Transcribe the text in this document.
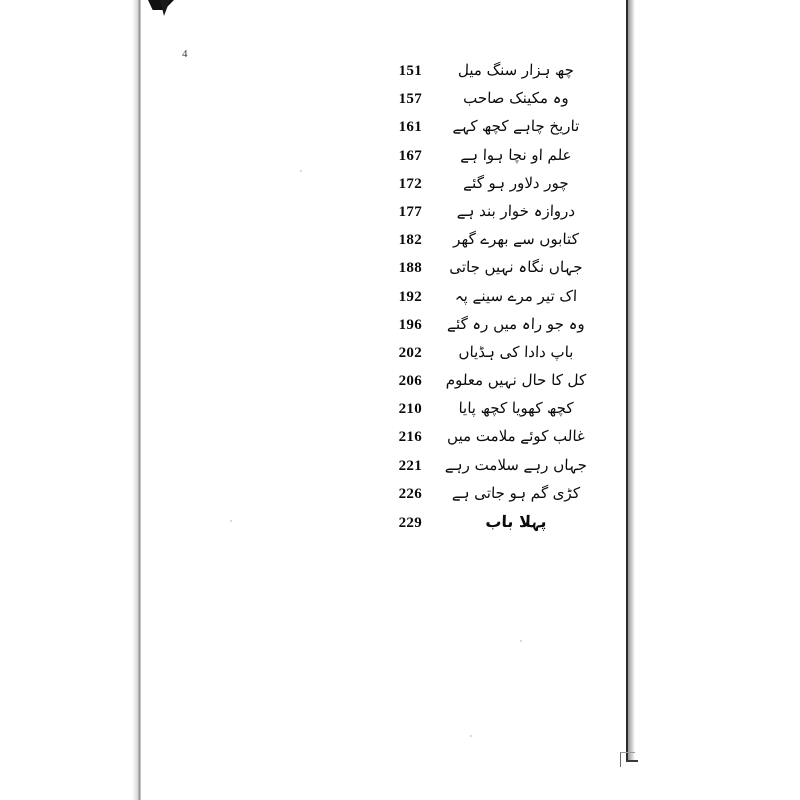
4
151	چھ ہزار سنگ میل
157	وہ مکینک صاحب
161	تاریخ چاہے کچھ کہے
167	علم او نچا ہوا ہے
172	چور دلاور ہو گئے
177	دروازہ خوار بند ہے
182	کتابوں سے بھرے گھر
188	جہاں نگاہ نہیں جاتی
192	اک تیر مرے سینے پہ
196	وہ جو راہ میں رہ گئے
202	باپ دادا کی ہڈیاں
206	کل کا حال نہیں معلوم
210	کچھ کھویا کچھ پایا
216	غالب کوئے ملامت میں
221	جہاں رہے سلامت رہے
226	کڑی گم ہو جاتی ہے
229	پہلا باب
